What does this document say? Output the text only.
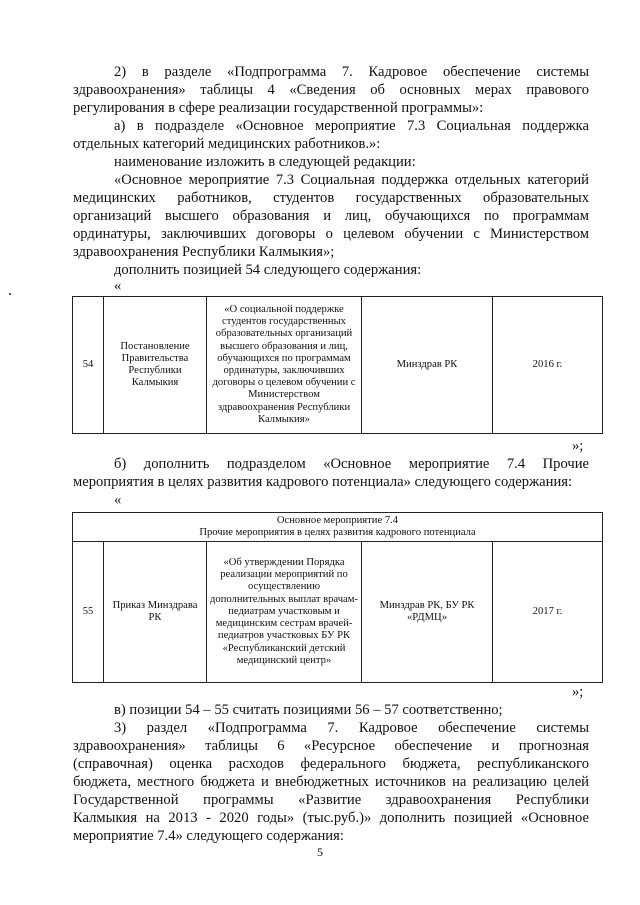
2) в разделе «Подпрограмма 7. Кадровое обеспечение системы
здравоохранения» таблицы 4 «Сведения об основных мерах правового
регулирования в сфере реализации государственной программы»:
а) в подразделе «Основное мероприятие 7.3 Социальная поддержка
отдельных категорий медицинских работников.»:
наименование изложить в следующей редакции:
«Основное мероприятие 7.3 Социальная поддержка отдельных категорий
медицинских работников, студентов государственных образовательных
организаций высшего образования и лиц, обучающихся по программам
ординатуры, заключивших договоры о целевом обучении с Министерством
здравоохранения Республики Калмыкия»;
дополнить позицией 54 следующего содержания:
«
54	Постановление Правительства Республики Калмыкия	«О социальной поддержке студентов государственных образовательных организаций высшего образования и лиц, обучающихся по программам ординатуры, заключивших договоры о целевом обучении с Министерством здравоохранения Республики Калмыкия»	Минздрав РК	2016 г.
»;
б) дополнить подразделом «Основное мероприятие 7.4 Прочие
мероприятия в целях развития кадрового потенциала» следующего содержания:
«
Основное мероприятие 7.4
Прочие мероприятия в целях развития кадрового потенциала

55	Приказ Минздрава РК	«Об утверждении Порядка реализации мероприятий по осуществлению дополнительных выплат врачам-педиатрам участковым и медицинским сестрам врачей-педиатров участковых БУ РК «Республиканский детский медицинский центр»	Минздрав РК, БУ РК «РДМЦ»	2017 г.
»;
в) позиции 54 – 55 считать позициями 56 – 57 соответственно;
3) раздел «Подпрограмма 7. Кадровое обеспечение системы
здравоохранения» таблицы 6 «Ресурсное обеспечение и прогнозная
(справочная) оценка расходов федерального бюджета, республиканского
бюджета, местного бюджета и внебюджетных источников на реализацию целей
Государственной программы «Развитие здравоохранения Республики
Калмыкия на 2013 - 2020 годы» (тыс.руб.)» дополнить позицией «Основное
мероприятие 7.4» следующего содержания:
5
